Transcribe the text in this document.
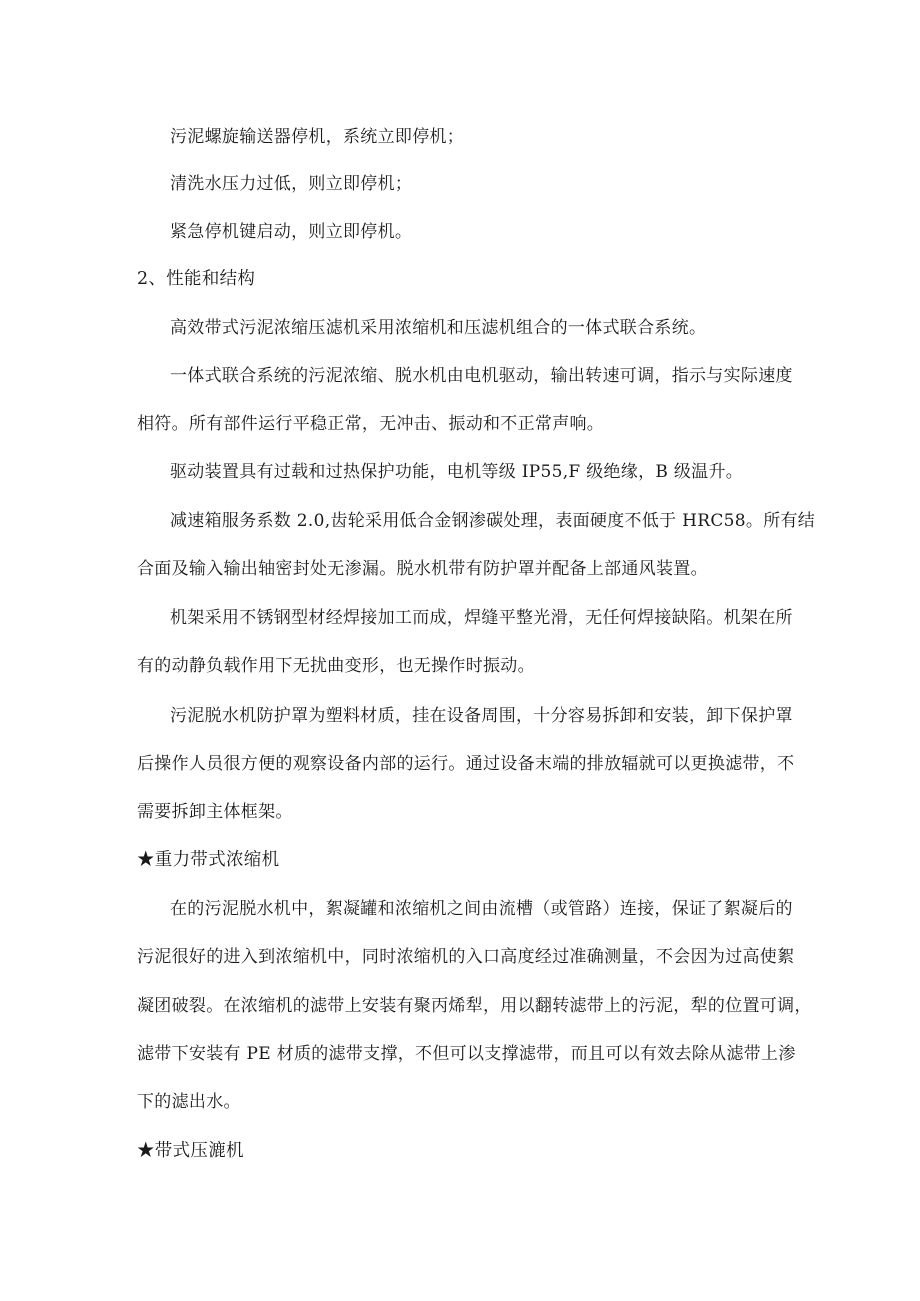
污泥螺旋输送器停机，系统立即停机；
清洗水压力过低，则立即停机；
紧急停机键启动，则立即停机。
2、性能和结构
高效带式污泥浓缩压滤机采用浓缩机和压滤机组合的一体式联合系统。
一体式联合系统的污泥浓缩、脱水机由电机驱动，输出转速可调，指示与实际速度
相符。所有部件运行平稳正常，无冲击、振动和不正常声响。
驱动装置具有过载和过热保护功能，电机等级 IP55,F 级绝缘，B 级温升。
减速箱服务系数 2.0,齿轮采用低合金钢渗碳处理，表面硬度不低于 HRC58。所有结
合面及输入输出轴密封处无渗漏。脱水机带有防护罩并配备上部通风装置。
机架采用不锈钢型材经焊接加工而成，焊缝平整光滑，无任何焊接缺陷。机架在所
有的动静负载作用下无扰曲变形，也无操作时振动。
污泥脱水机防护罩为塑料材质，挂在设备周围，十分容易拆卸和安装，卸下保护罩
后操作人员很方便的观察设备内部的运行。通过设备末端的排放辐就可以更换滤带，不
需要拆卸主体框架。
★重力带式浓缩机
在的污泥脱水机中，絮凝罐和浓缩机之间由流槽（或管路）连接，保证了絮凝后的
污泥很好的进入到浓缩机中，同时浓缩机的入口高度经过准确测量，不会因为过高使絮
凝团破裂。在浓缩机的滤带上安装有聚丙烯犁，用以翻转滤带上的污泥，犁的位置可调，
滤带下安装有 PE 材质的滤带支撑，不但可以支撑滤带，而且可以有效去除从滤带上渗
下的滤出水。
★带式压漉机
